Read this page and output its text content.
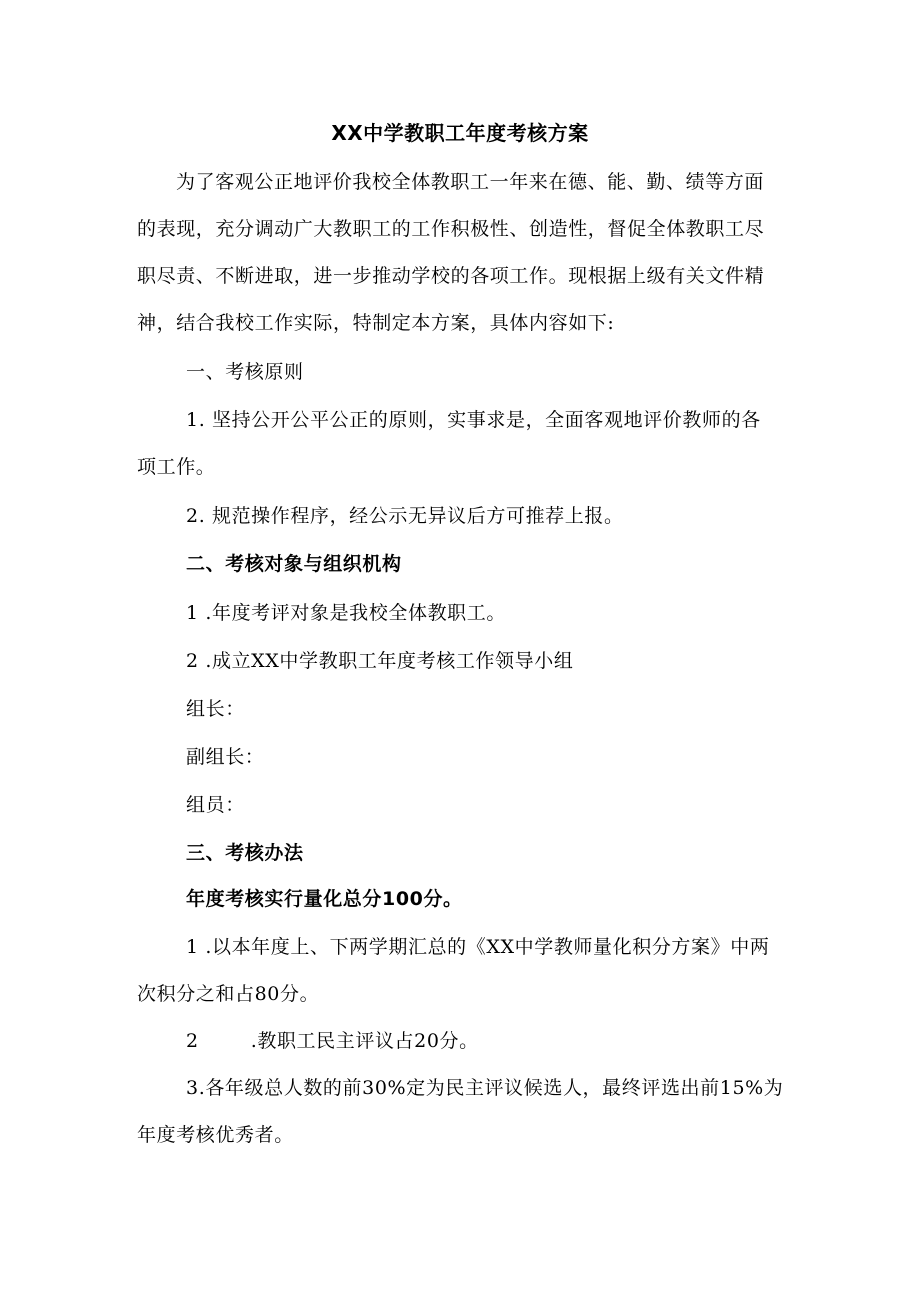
XX中学教职工年度考核方案
为了客观公正地评价我校全体教职工一年来在德、能、勤、绩等方面
的表现，充分调动广大教职工的工作积极性、创造性，督促全体教职工尽
职尽责、不断进取，进一步推动学校的各项工作。现根据上级有关文件精
神，结合我校工作实际，特制定本方案，具体内容如下:
一、考核原则
1. 坚持公开公平公正的原则，实事求是，全面客观地评价教师的各
项工作。
2. 规范操作程序，经公示无异议后方可推荐上报。
二、考核对象与组织机构
1 .年度考评对象是我校全体教职工。
2 .成立XX中学教职工年度考核工作领导小组
组长：
副组长：
组员：
三、考核办法
年度考核实行量化总分100分。
1 .以本年度上、下两学期汇总的《XX中学教师量化积分方案》中两
次积分之和占80分。
2	.教职工民主评议占20分。
3.各年级总人数的前30%定为民主评议候选人，最终评选出前15%为
年度考核优秀者。
